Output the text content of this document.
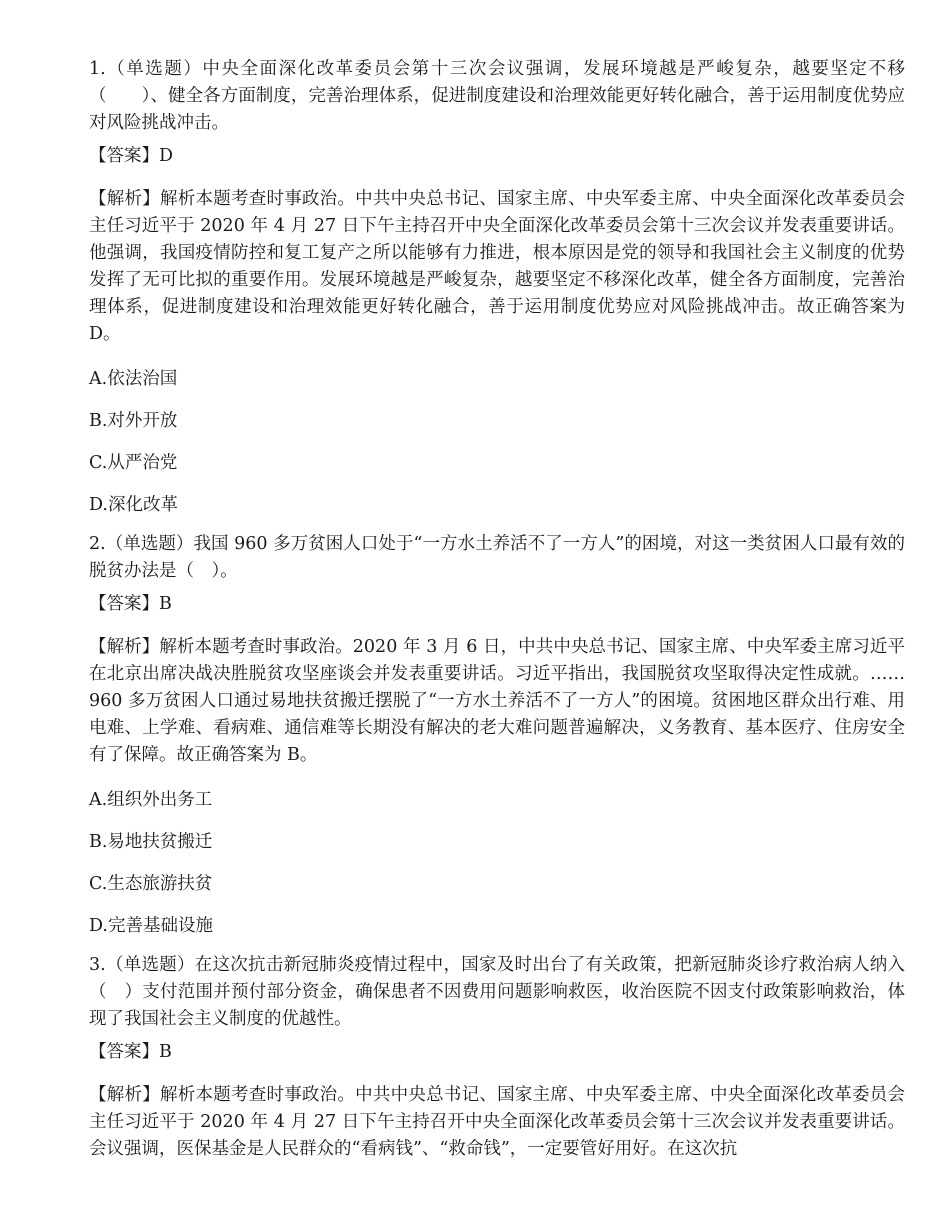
1.（单选题）中央全面深化改革委员会第十三次会议强调，发展环境越是严峻复杂，越要坚定不移（　　）、健全各方面制度，完善治理体系，促进制度建设和治理效能更好转化融合，善于运用制度优势应对风险挑战冲击。

【答案】D

【解析】解析本题考查时事政治。中共中央总书记、国家主席、中央军委主席、中央全面深化改革委员会主任习近平于 2020 年 4 月 27 日下午主持召开中央全面深化改革委员会第十三次会议并发表重要讲话。他强调，我国疫情防控和复工复产之所以能够有力推进，根本原因是党的领导和我国社会主义制度的优势发挥了无可比拟的重要作用。发展环境越是严峻复杂，越要坚定不移深化改革，健全各方面制度，完善治理体系，促进制度建设和治理效能更好转化融合，善于运用制度优势应对风险挑战冲击。故正确答案为 D。

A.依法治国
B.对外开放
C.从严治党
D.深化改革

2.（单选题）我国 960 多万贫困人口处于“一方水土养活不了一方人”的困境，对这一类贫困人口最有效的脱贫办法是（　）。

【答案】B

【解析】解析本题考查时事政治。2020 年 3 月 6 日，中共中央总书记、国家主席、中央军委主席习近平在北京出席决战决胜脱贫攻坚座谈会并发表重要讲话。习近平指出，我国脱贫攻坚取得决定性成就。……960 多万贫困人口通过易地扶贫搬迁摆脱了“一方水土养活不了一方人”的困境。贫困地区群众出行难、用电难、上学难、看病难、通信难等长期没有解决的老大难问题普遍解决，义务教育、基本医疗、住房安全有了保障。故正确答案为 B。

A.组织外出务工
B.易地扶贫搬迁
C.生态旅游扶贫
D.完善基础设施

3.（单选题）在这次抗击新冠肺炎疫情过程中，国家及时出台了有关政策，把新冠肺炎诊疗救治病人纳入（　）支付范围并预付部分资金，确保患者不因费用问题影响救医，收治医院不因支付政策影响救治，体现了我国社会主义制度的优越性。

【答案】B

【解析】解析本题考查时事政治。中共中央总书记、国家主席、中央军委主席、中央全面深化改革委员会主任习近平于 2020 年 4 月 27 日下午主持召开中央全面深化改革委员会第十三次会议并发表重要讲话。会议强调，医保基金是人民群众的“看病钱”、“救命钱”，一定要管好用好。在这次抗
